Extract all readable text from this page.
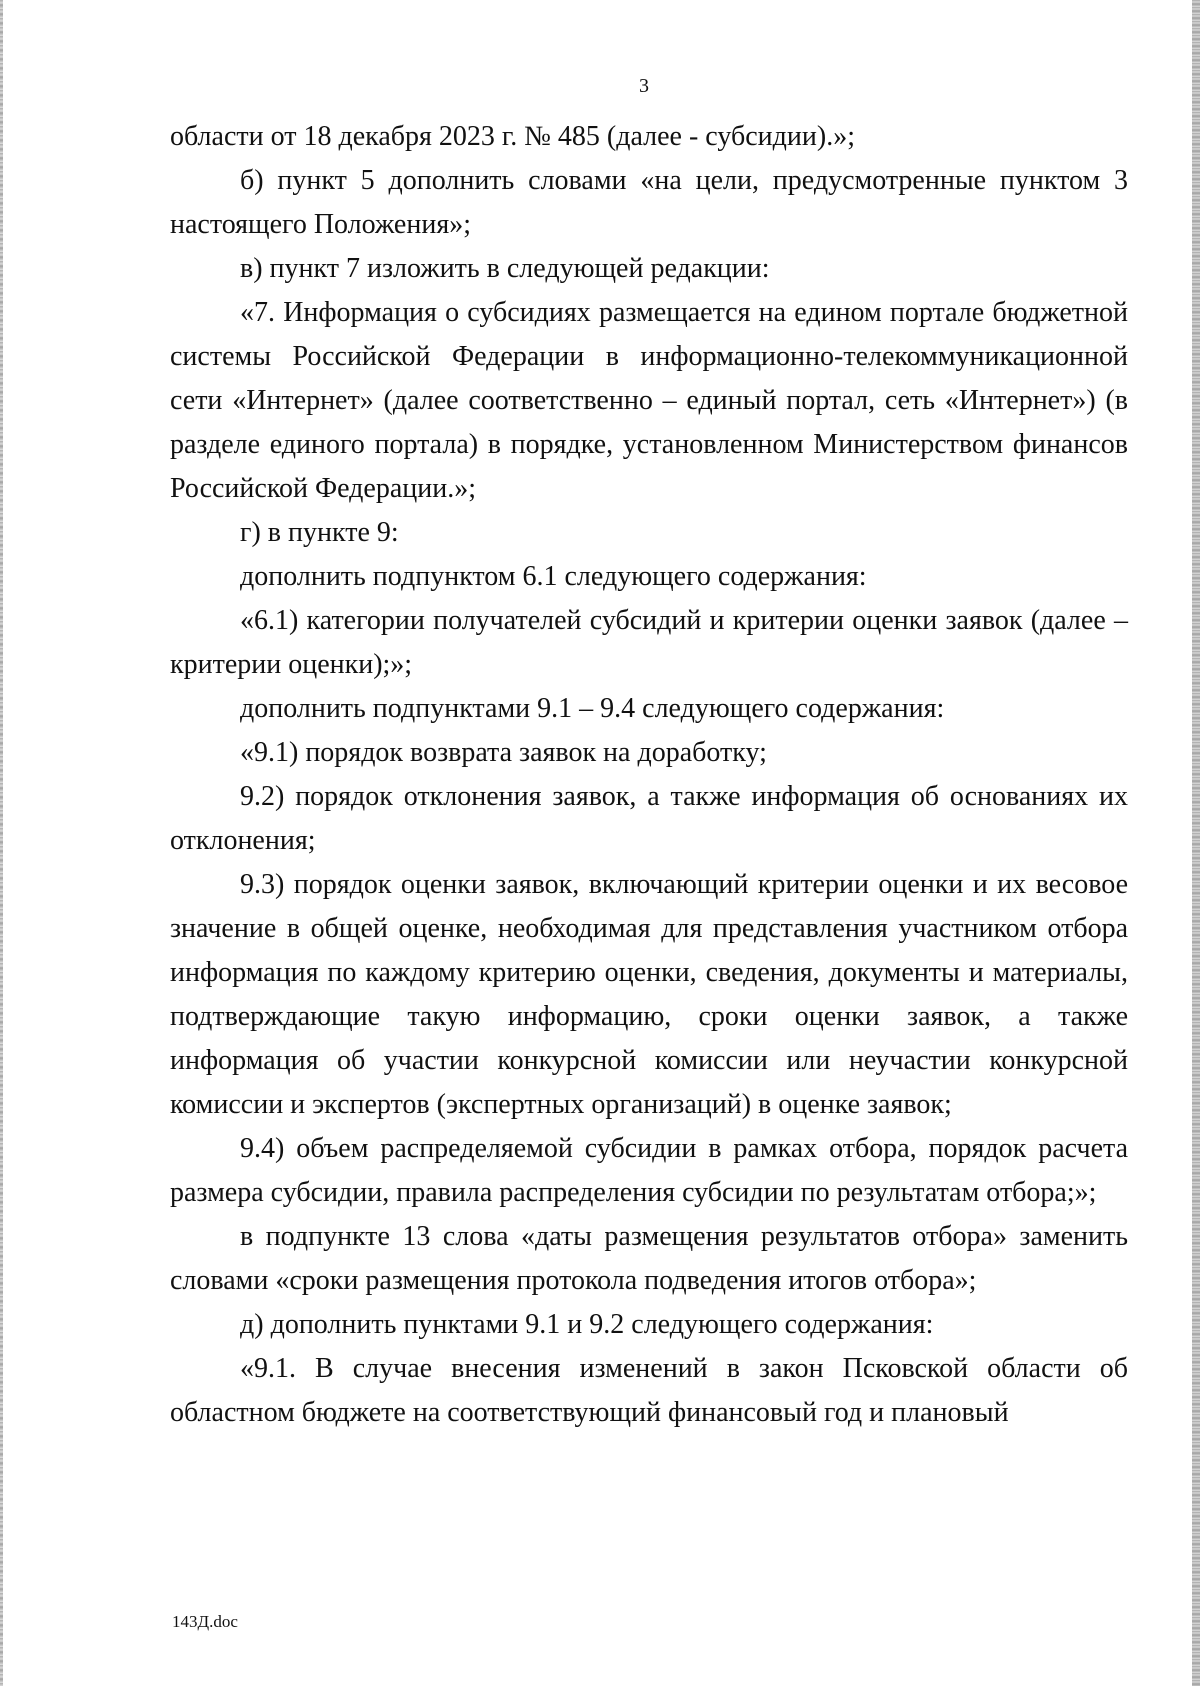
3

области от 18 декабря 2023 г. № 485 (далее - субсидии).»;

б) пункт 5 дополнить словами «на цели, предусмотренные пунктом 3 настоящего Положения»;

в) пункт 7 изложить в следующей редакции:

«7. Информация о субсидиях размещается на едином портале бюджетной системы Российской Федерации в информационно-телекоммуникационной сети «Интернет» (далее соответственно – единый портал, сеть «Интернет») (в разделе единого портала) в порядке, установленном Министерством финансов Российской Федерации.»;

г) в пункте 9:

дополнить подпунктом 6.1 следующего содержания:

«6.1) категории получателей субсидий и критерии оценки заявок (далее – критерии оценки);»;

дополнить подпунктами 9.1 – 9.4 следующего содержания:

«9.1) порядок возврата заявок на доработку;

9.2) порядок отклонения заявок, а также информация об основаниях их отклонения;

9.3) порядок оценки заявок, включающий критерии оценки и их весовое значение в общей оценке, необходимая для представления участником отбора информация по каждому критерию оценки, сведения, документы и материалы, подтверждающие такую информацию, сроки оценки заявок, а также информация об участии конкурсной комиссии или неучастии конкурсной комиссии и экспертов (экспертных организаций) в оценке заявок;

9.4) объем распределяемой субсидии в рамках отбора, порядок расчета размера субсидии, правила распределения субсидии по результатам отбора;»;

в подпункте 13 слова «даты размещения результатов отбора» заменить словами «сроки размещения протокола подведения итогов отбора»;

д) дополнить пунктами 9.1 и 9.2 следующего содержания:

«9.1. В случае внесения изменений в закон Псковской области об областном бюджете на соответствующий финансовый год и плановый

143Д.doc
